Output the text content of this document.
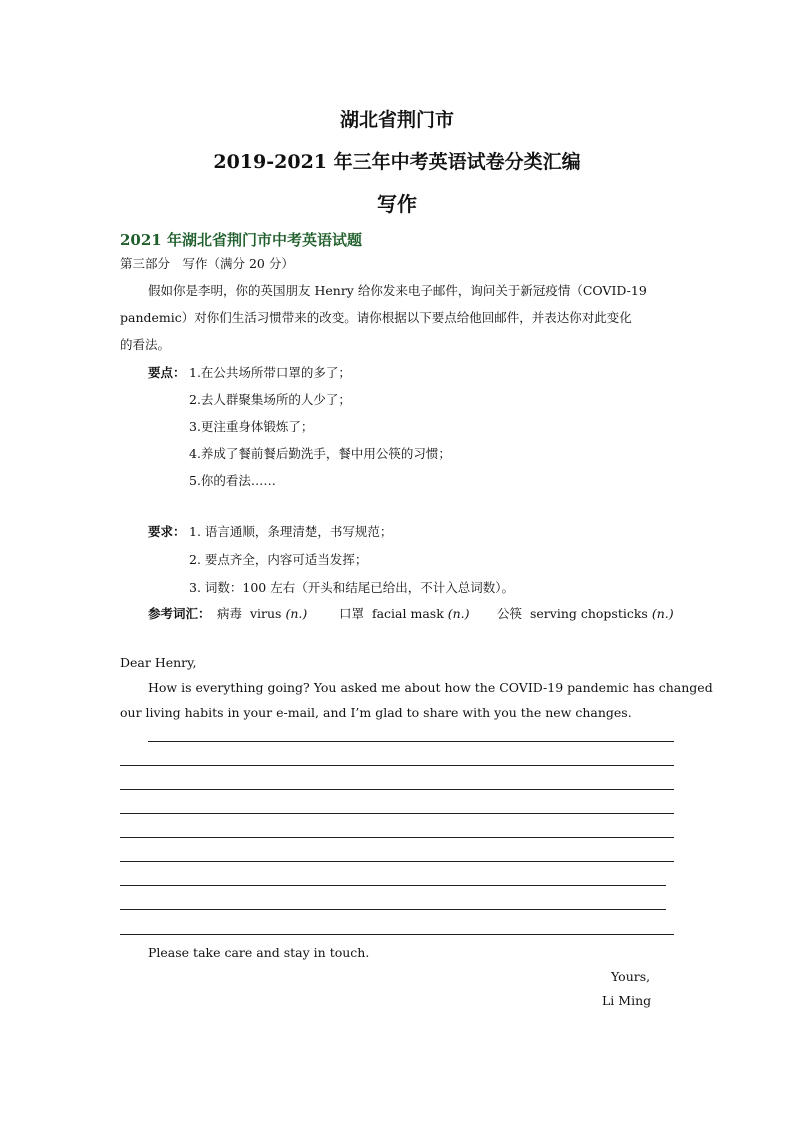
湖北省荆门市
2019-2021 年三年中考英语试卷分类汇编
写作
2021 年湖北省荆门市中考英语试题
第三部分　写作（满分 20 分）
假如你是李明，你的英国朋友 Henry 给你发来电子邮件，询问关于新冠疫情（COVID-19
pandemic）对你们生活习惯带来的改变。请你根据以下要点给他回邮件，并表达你对此变化
的看法。
要点： 1.在公共场所带口罩的多了；
2.去人群聚集场所的人少了；
3.更注重身体锻炼了；
4.养成了餐前餐后勤洗手，餐中用公筷的习惯；
5.你的看法……
要求： 1. 语言通顺，条理清楚，书写规范；
2. 要点齐全，内容可适当发挥；
3. 词数：100 左右（开头和结尾已给出，不计入总词数）。
参考词汇： 病毒 virus (n.)	口罩 facial mask (n.) 公筷 serving chopsticks (n.)
Dear Henry,
How is everything going? You asked me about how the COVID-19 pandemic has changed
our living habits in your e-mail, and I’m glad to share with you the new changes.
Please take care and stay in touch.
Yours,
Li Ming
